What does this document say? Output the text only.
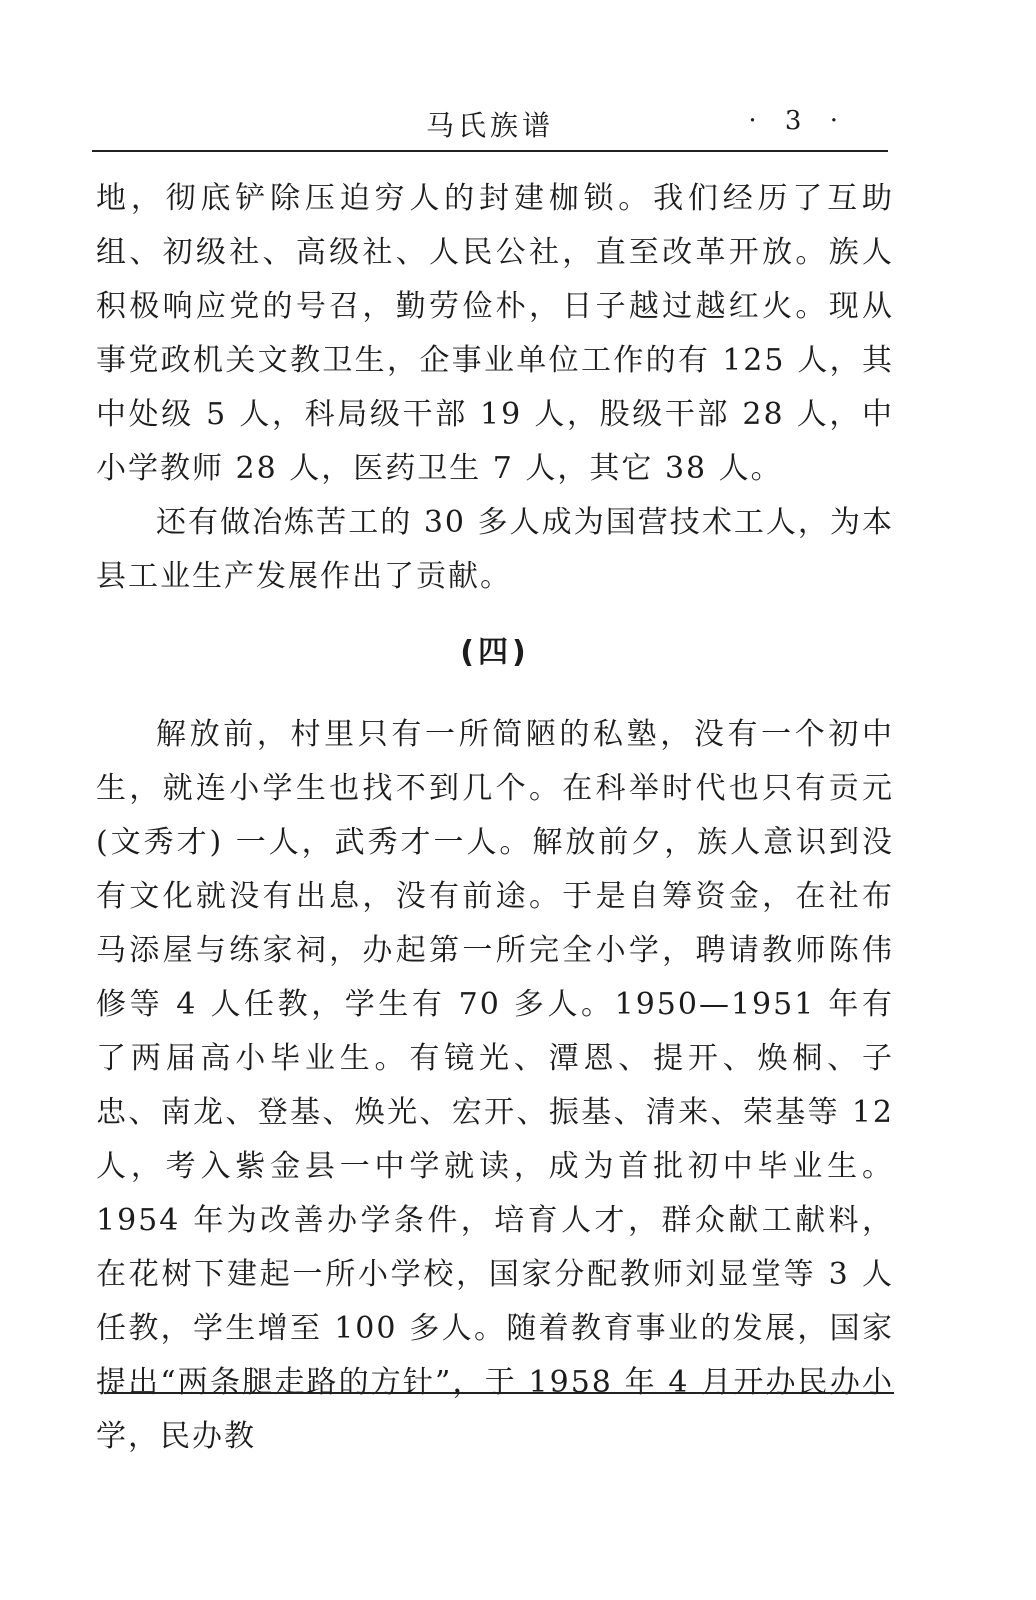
马氏族谱	· 3 ·

地，彻底铲除压迫穷人的封建枷锁。我们经历了互助组、初级社、高级社、人民公社，直至改革开放。族人积极响应党的号召，勤劳俭朴，日子越过越红火。现从事党政机关文教卫生，企事业单位工作的有 125 人，其中处级 5 人，科局级干部 19 人，股级干部 28 人，中小学教师 28 人，医药卫生 7 人，其它 38 人。

还有做冶炼苦工的 30 多人成为国营技术工人，为本县工业生产发展作出了贡献。

(四)

解放前，村里只有一所简陋的私塾，没有一个初中生，就连小学生也找不到几个。在科举时代也只有贡元(文秀才) 一人，武秀才一人。解放前夕，族人意识到没有文化就没有出息，没有前途。于是自筹资金，在社布马添屋与练家祠，办起第一所完全小学，聘请教师陈伟修等 4 人任教，学生有 70 多人。1950—1951 年有了两届高小毕业生。有镜光、潭恩、提开、焕桐、子忠、南龙、登基、焕光、宏开、振基、清来、荣基等 12 人，考入紫金县一中学就读，成为首批初中毕业生。1954 年为改善办学条件，培育人才，群众献工献料，在花树下建起一所小学校，国家分配教师刘显堂等 3 人任教，学生增至 100 多人。随着教育事业的发展，国家提出“两条腿走路的方针”，于 1958 年 4 月开办民办小学，民办教
